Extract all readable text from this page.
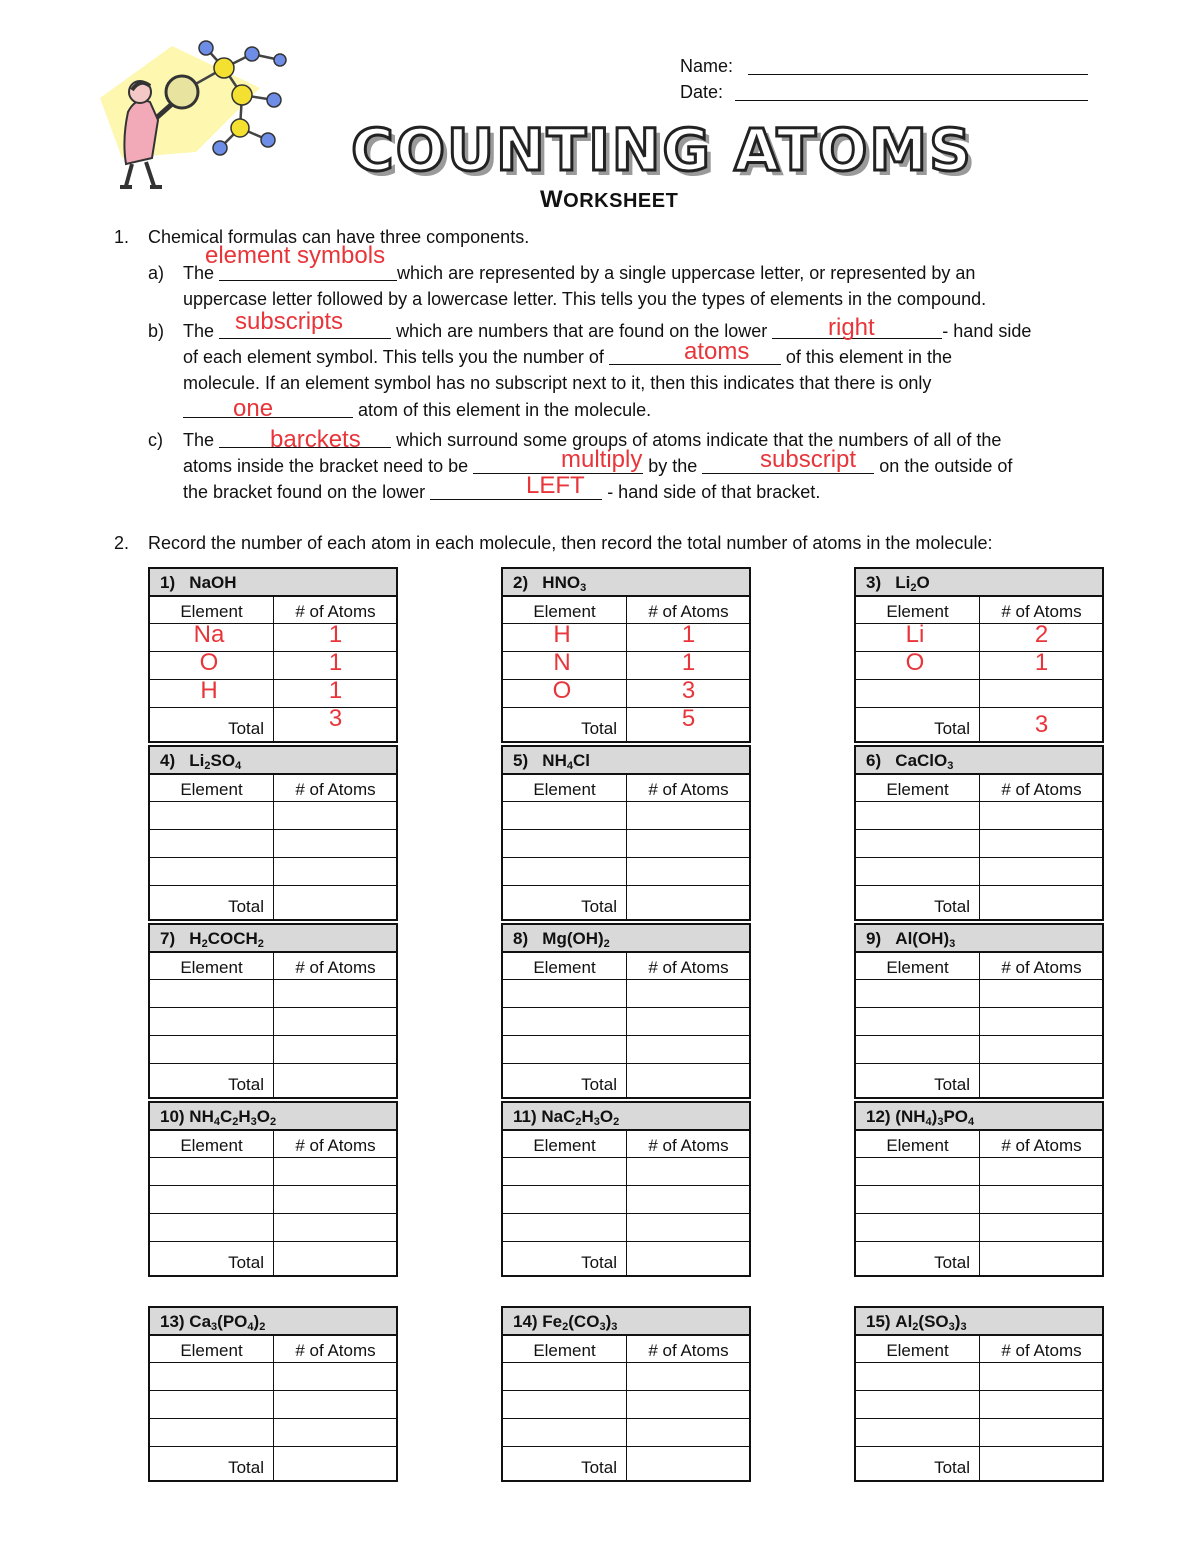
Name:
Date:
COUNTING ATOMS
WORKSHEET
1. Chemical formulas can have three components.
a) The	which are represented by a single uppercase letter, or represented by an
uppercase letter followed by a lowercase letter. This tells you the types of elements in the compound.
element symbols
b) The	which are numbers that are found on the lower	- hand side
of each element symbol. This tells you the number of	of this element in the
molecule. If an element symbol has no subscript next to it, then this indicates that there is only
atom of this element in the molecule.
subscripts	right
atoms
one
c) The	which surround some groups of atoms indicate that the numbers of all of the
atoms inside the bracket need to be	by the	on the outside of
the bracket found on the lower	- hand side of that bracket.
barckets
multiply	subscript
LEFT
2. Record the number of each atom in each molecule, then record the total number of atoms in the molecule:
1)   NaOH
Element	# of Atoms
Na	1
O	1
H	1
Total	3
2)   $HNO_3$
Element	# of Atoms
H	1
N	1
O	3
Total	5
3)   $Li_2O$
Element	# of Atoms
Li	2
O	1
Total	3
4)   $Li_2SO_4$
Element	# of Atoms
Total
5)   $NH_4Cl$
Element	# of Atoms
Total
6)   CaClO$_3$
Element	# of Atoms
Total
7)   $H_2COCH_2$
Element	# of Atoms
Total
8)   $Mg(OH)_2$
Element	# of Atoms
Total
9)   $Al(OH)_3$
Element	# of Atoms
Total
10) $NH_4C_2H_3O_2$
Element	# of Atoms
Total
11) $NaC_2H_3O_2$
Element	# of Atoms
Total
12) $(NH_4)_3PO_4$
Element	# of Atoms
Total
13) $Ca_3(PO_4)_2$
Element	# of Atoms
Total
14) $Fe_2(CO_3)_3$
Element	# of Atoms
Total
15) $Al_2(SO_3)_3$
Element	# of Atoms
Total
